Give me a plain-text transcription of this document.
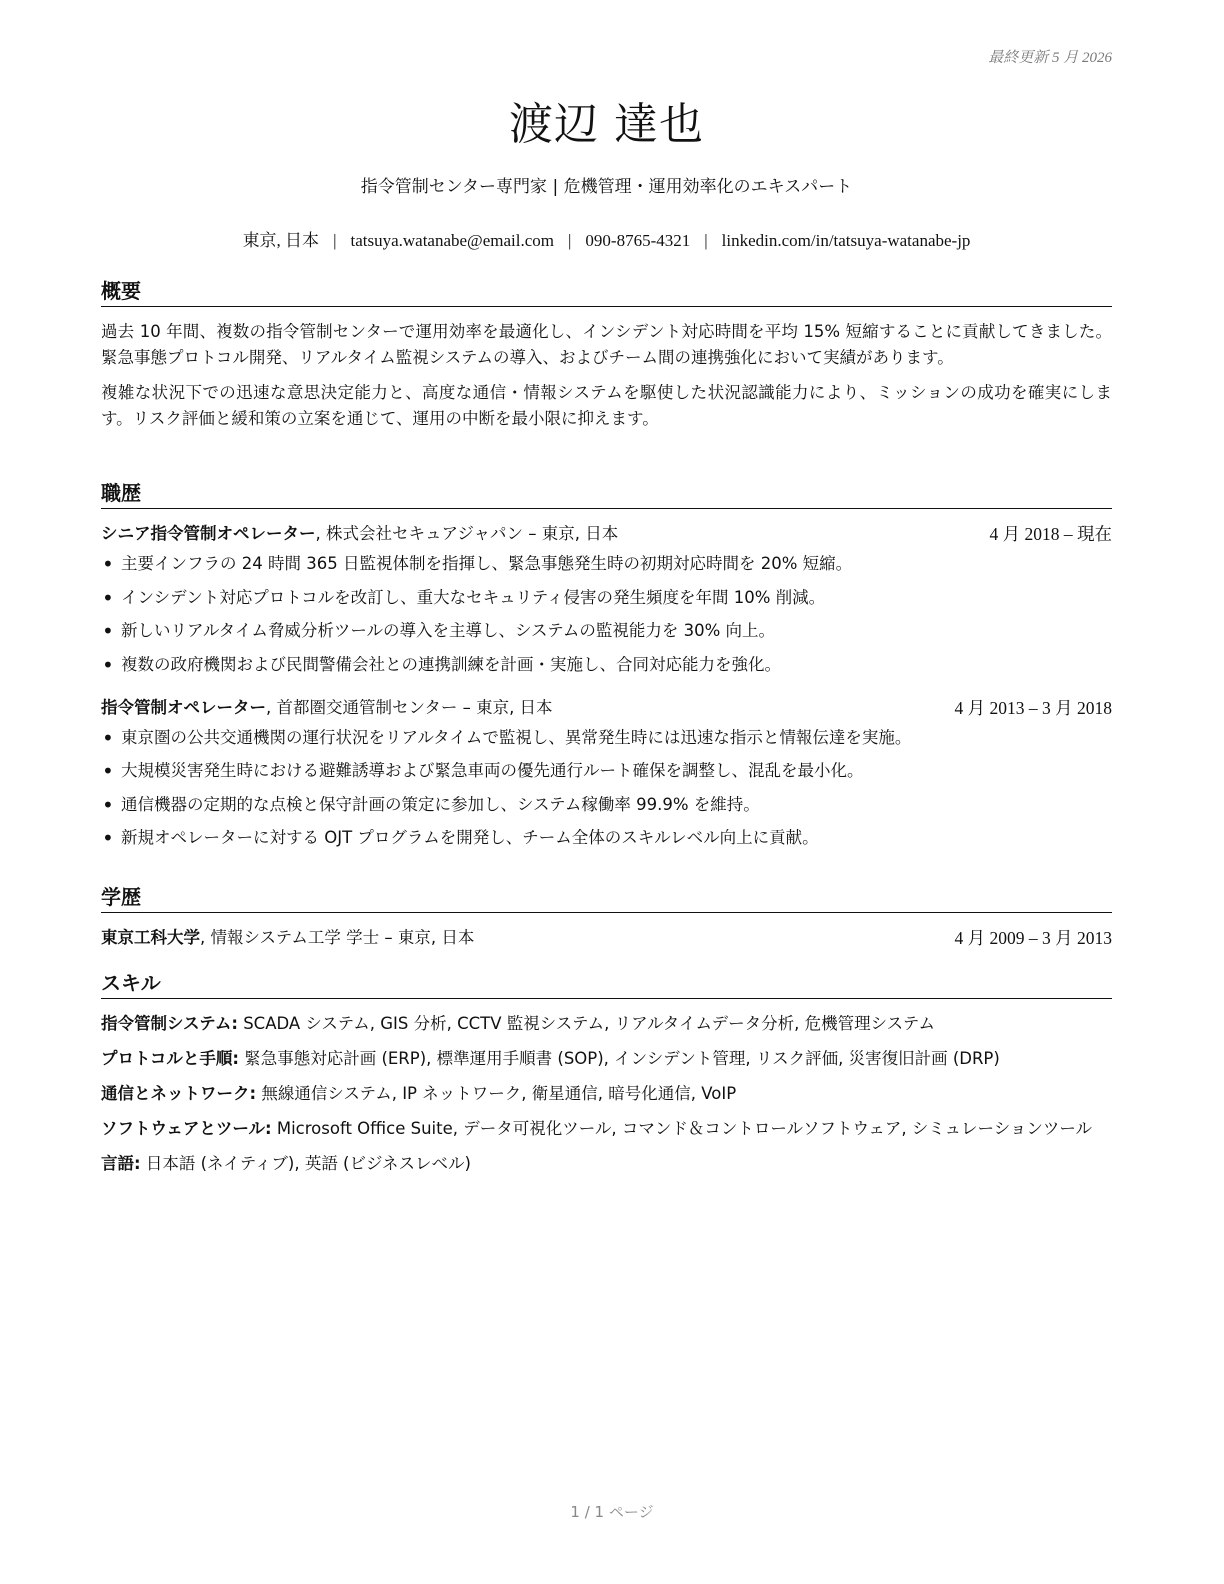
最終更新 5 月 2026
渡辺 達也
指令管制センター専門家 | 危機管理・運用効率化のエキスパート
東京, 日本 | tatsuya.watanabe@email.com | 090-8765-4321 | linkedin.com/in/tatsuya-watanabe-jp
概要

過去 10 年間、複数の指令管制センターで運用効率を最適化し、インシデント対応時間を平均 15% 短縮することに貢献してきました。緊急事態プロトコル開発、リアルタイム監視システムの導入、およびチーム間の連携強化において実績があります。

複雑な状況下での迅速な意思決定能力と、高度な通信・情報システムを駆使した状況認識能力により、ミッションの成功を確実にします。リスク評価と緩和策の立案を通じて、運用の中断を最小限に抑えます。

職歴
シニア指令管制オペレーター, 株式会社セキュアジャパン – 東京, 日本	4 月 2018 – 現在
• 主要インフラの 24 時間 365 日監視体制を指揮し、緊急事態発生時の初期対応時間を 20% 短縮。
• インシデント対応プロトコルを改訂し、重大なセキュリティ侵害の発生頻度を年間 10% 削減。
• 新しいリアルタイム脅威分析ツールの導入を主導し、システムの監視能力を 30% 向上。
• 複数の政府機関および民間警備会社との連携訓練を計画・実施し、合同対応能力を強化。
指令管制オペレーター, 首都圏交通管制センター – 東京, 日本	4 月 2013 – 3 月 2018
• 東京圏の公共交通機関の運行状況をリアルタイムで監視し、異常発生時には迅速な指示と情報伝達を実施。
• 大規模災害発生時における避難誘導および緊急車両の優先通行ルート確保を調整し、混乱を最小化。
• 通信機器の定期的な点検と保守計画の策定に参加し、システム稼働率 99.9% を維持。
• 新規オペレーターに対する OJT プログラムを開発し、チーム全体のスキルレベル向上に貢献。
学歴
東京工科大学, 情報システム工学 学士 – 東京, 日本	4 月 2009 – 3 月 2013
スキル
指令管制システム: SCADA システム, GIS 分析, CCTV 監視システム, リアルタイムデータ分析, 危機管理システム
プロトコルと手順: 緊急事態対応計画 (ERP), 標準運用手順書 (SOP), インシデント管理, リスク評価, 災害復旧計画 (DRP)
通信とネットワーク: 無線通信システム, IP ネットワーク, 衛星通信, 暗号化通信, VoIP
ソフトウェアとツール: Microsoft Office Suite, データ可視化ツール, コマンド＆コントロールソフトウェア, シミュレーションツール
言語: 日本語 (ネイティブ), 英語 (ビジネスレベル)
1 / 1 ページ
